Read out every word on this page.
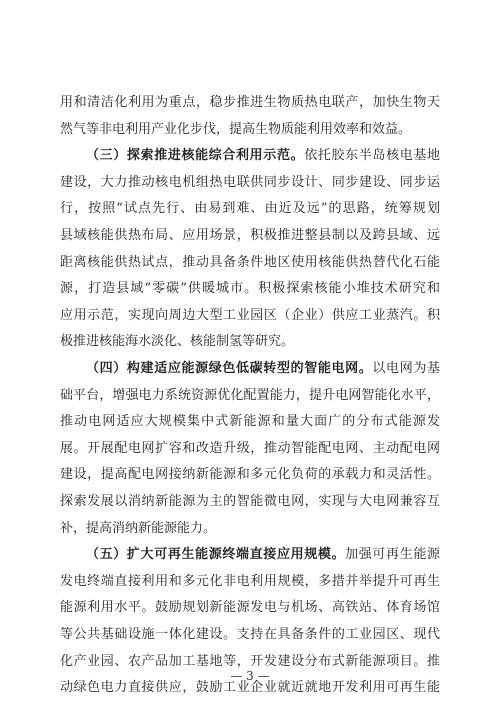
用和清洁化利用为重点，稳步推进生物质热电联产，加快生物天
然气等非电利用产业化步伐，提高生物质能利用效率和效益。
（三）探索推进核能综合利用示范。依托胶东半岛核电基地
建设，大力推动核电机组热电联供同步设计、同步建设、同步运
行，按照“试点先行、由易到难、由近及远”的思路，统筹规划
县域核能供热布局、应用场景，积极推进整县制以及跨县域、远
距离核能供热试点，推动具备条件地区使用核能供热替代化石能
源，打造县域“零碳”供暖城市。积极探索核能小堆技术研究和
应用示范，实现向周边大型工业园区（企业）供应工业蒸汽。积
极推进核能海水淡化、核能制氢等研究。
（四）构建适应能源绿色低碳转型的智能电网。以电网为基
础平台，增强电力系统资源优化配置能力，提升电网智能化水平，
推动电网适应大规模集中式新能源和量大面广的分布式能源发
展。开展配电网扩容和改造升级，推动智能配电网、主动配电网
建设，提高配电网接纳新能源和多元化负荷的承载力和灵活性。
探索发展以消纳新能源为主的智能微电网，实现与大电网兼容互
补，提高消纳新能源能力。
（五）扩大可再生能源终端直接应用规模。加强可再生能源
发电终端直接利用和多元化非电利用规模，多措并举提升可再生
能源利用水平。鼓励规划新能源发电与机场、高铁站、体育场馆
等公共基础设施一体化建设。支持在具备条件的工业园区、现代
化产业园、农产品加工基地等，开发建设分布式新能源项目。推
动绿色电力直接供应，鼓励工业企业就近就地开发利用可再生能
— 3 —
